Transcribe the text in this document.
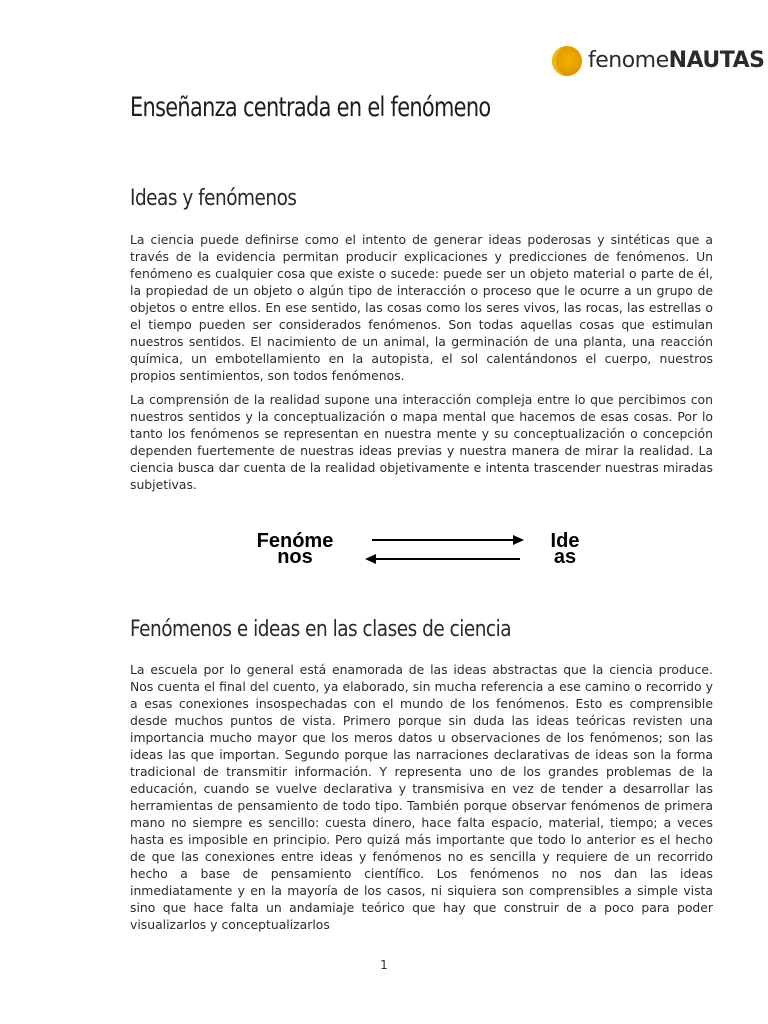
fenomeNAUTAS
Enseñanza centrada en el fenómeno
Ideas y fenómenos

La ciencia puede definirse como el intento de generar ideas poderosas y sintéticas que a través de la evidencia permitan producir explicaciones y predicciones de fenómenos. Un fenómeno es cualquier cosa que existe o sucede: puede ser un objeto material o parte de él, la propiedad de un objeto o algún tipo de interacción o proceso que le ocurre a un grupo de objetos o entre ellos. En ese sentido, las cosas como los seres vivos, las rocas, las estrellas o el tiempo pueden ser considerados fenómenos. Son todas aquellas cosas que estimulan nuestros sentidos. El nacimiento de un animal, la germinación de una planta, una reacción química, un embotellamiento en la autopista, el sol calentándonos el cuerpo, nuestros propios sentimientos, son todos fenómenos.

La comprensión de la realidad supone una interacción compleja entre lo que percibimos con nuestros sentidos y la conceptualización o mapa mental que hacemos de esas cosas. Por lo tanto los fenómenos se representan en nuestra mente y su conceptualización o concepción dependen fuertemente de nuestras ideas previas y nuestra manera de mirar la realidad. La ciencia busca dar cuenta de la realidad objetivamente e intenta trascender nuestras miradas subjetivas.

Fenóme
nos
Ide
as
Fenómenos e ideas en las clases de ciencia

La escuela por lo general está enamorada de las ideas abstractas que la ciencia produce. Nos cuenta el final del cuento, ya elaborado, sin mucha referencia a ese camino o recorrido y a esas conexiones insospechadas con el mundo de los fenómenos. Esto es comprensible desde muchos puntos de vista. Primero porque sin duda las ideas teóricas revisten una importancia mucho mayor que los meros datos u observaciones de los fenómenos; son las ideas las que importan. Segundo porque las narraciones declarativas de ideas son la forma tradicional de transmitir información. Y representa uno de los grandes problemas de la educación, cuando se vuelve declarativa y transmisiva en vez de tender a desarrollar las herramientas de pensamiento de todo tipo. También porque observar fenómenos de primera mano no siempre es sencillo: cuesta dinero, hace falta espacio, material, tiempo; a veces hasta es imposible en principio. Pero quizá más importante que todo lo anterior es el hecho de que las conexiones entre ideas y fenómenos no es sencilla y requiere de un recorrido hecho a base de pensamiento científico. Los fenómenos no nos dan las ideas inmediatamente y en la mayoría de los casos, ni siquiera son comprensibles a simple vista sino que hace falta un andamiaje teórico que hay que construir de a poco para poder visualizarlos y conceptualizarlos

1
